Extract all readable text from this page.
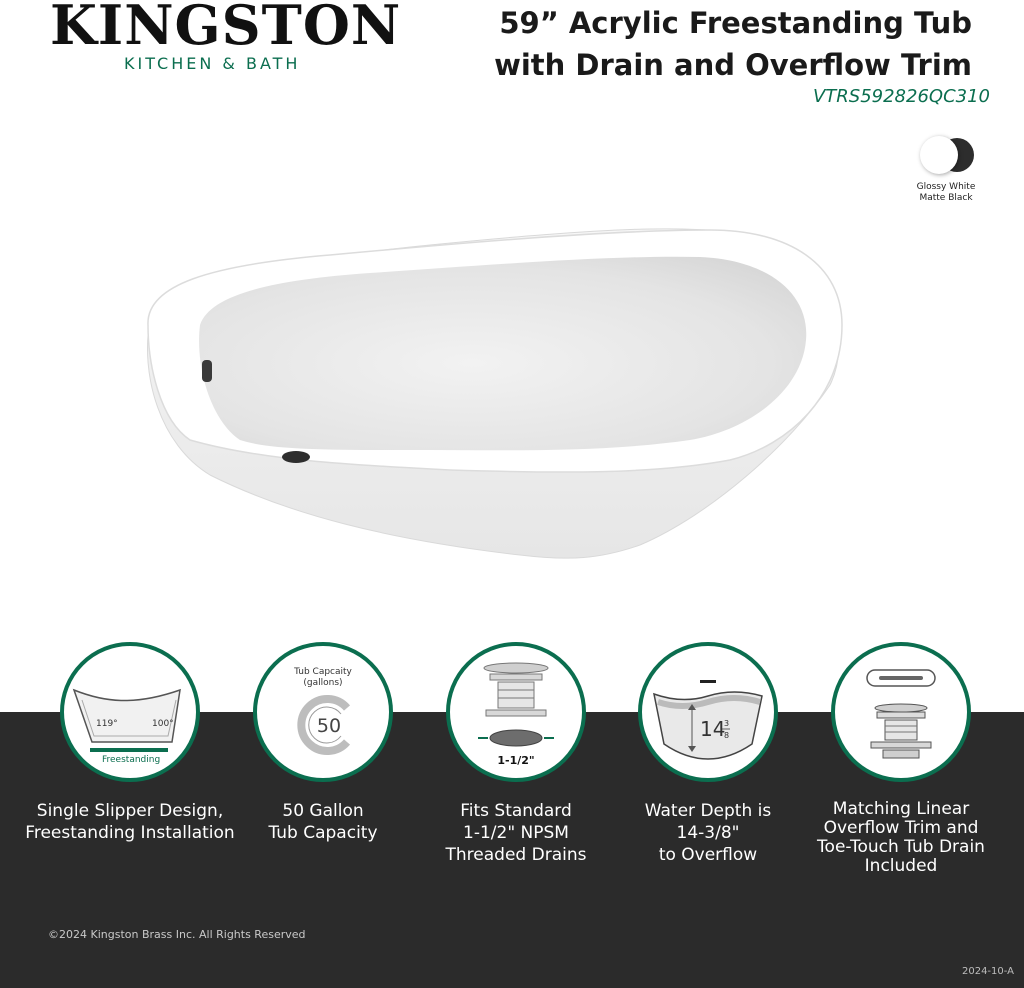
KINGSTON
KITCHEN & BATH
59” Acrylic Freestanding Tub
with Drain and Overflow Trim
VTRS592826QC310
Glossy White
Matte Black
119°	100°
Freestanding
Tub Capcaity
(gallons)
50
1-1/2"
14
3
8
Single Slipper Design,
Freestanding Installation
50 Gallon
Tub Capacity
Fits Standard
1-1/2" NPSM
Threaded Drains
Water Depth is
14-3/8"
to Overflow
Matching Linear
Overflow Trim and
Toe-Touch Tub Drain
Included
©2024 Kingston Brass Inc. All Rights Reserved
2024-10-A
